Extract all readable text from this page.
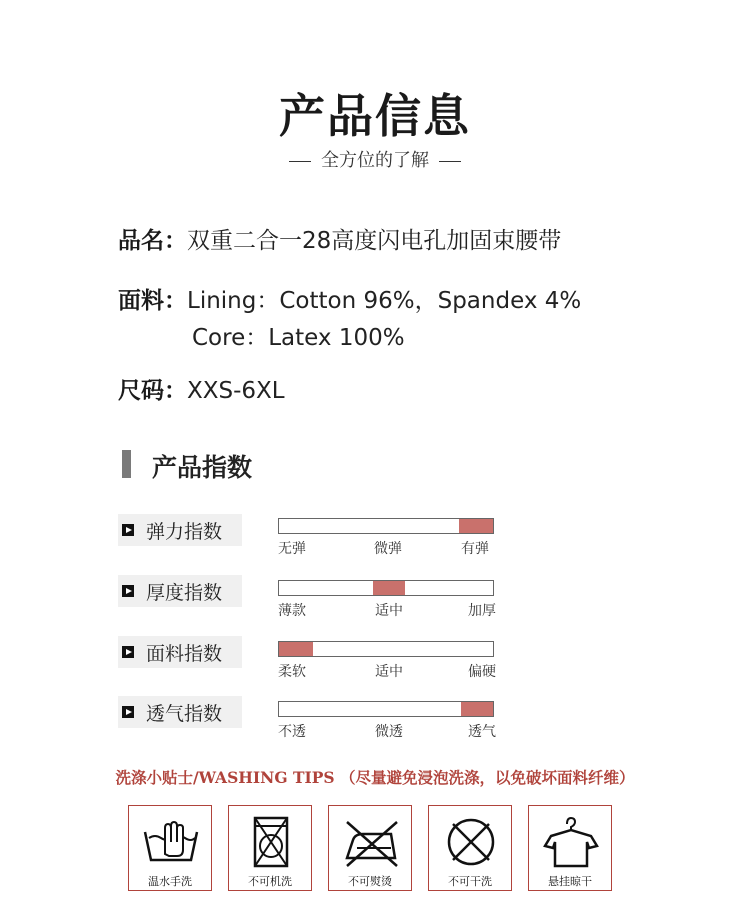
产品信息
全方位的了解
品名：双重二合一28高度闪电孔加固束腰带
面料：Lining：Cotton 96%，Spandex 4%
Core：Latex 100%
尺码：XXS-6XL
产品指数
弹力指数
无弹	微弹	有弹
厚度指数
薄款	适中	加厚
面料指数
柔软	适中	偏硬
透气指数
不透	微透	透气
洗涤小贴士/WASHING TIPS （尽量避免浸泡洗涤，以免破坏面料纤维）
温水手洗	不可机洗	不可熨烫	不可干洗	悬挂晾干
